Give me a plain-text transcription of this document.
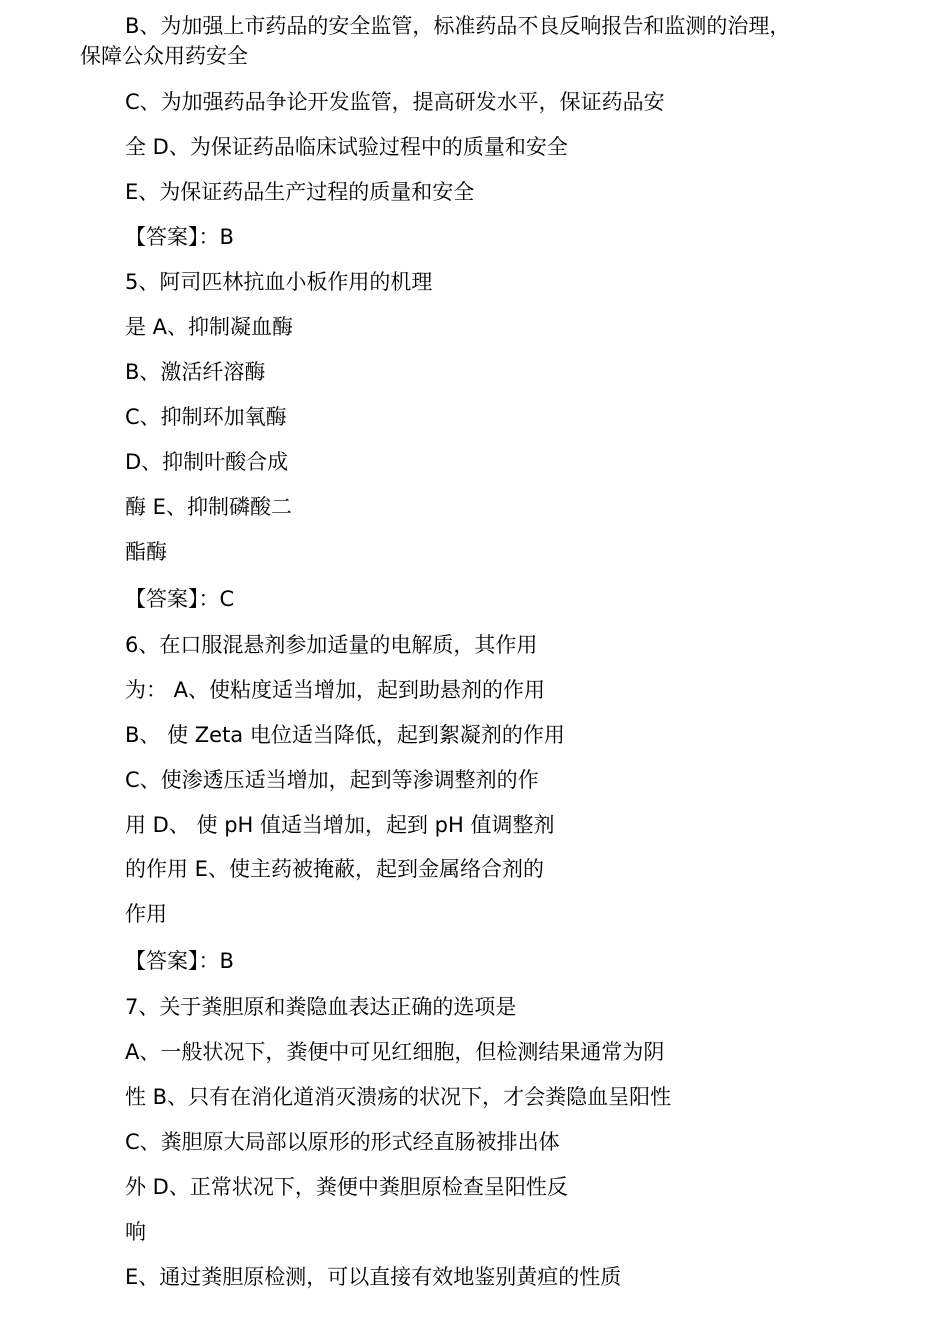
B、为加强上市药品的安全监管，标准药品不良反响报告和监测的治理，
保障公众用药安全
C、为加强药品争论开发监管，提高研发水平，保证药品安
全 D、为保证药品临床试验过程中的质量和安全
E、为保证药品生产过程的质量和安全
【答案】：B
5、阿司匹林抗血小板作用的机理
是 A、抑制凝血酶
B、激活纤溶酶
C、抑制环加氧酶
D、抑制叶酸合成
酶 E、抑制磷酸二
酯酶
【答案】：C
6、在口服混悬剂参加适量的电解质，其作用
为： A、使粘度适当增加，起到助悬剂的作用
B、 使 Zeta 电位适当降低，起到絮凝剂的作用
C、使渗透压适当增加，起到等渗调整剂的作
用 D、 使 pH 值适当增加，起到 pH 值调整剂
的作用 E、使主药被掩蔽，起到金属络合剂的
作用
【答案】：B
7、关于粪胆原和粪隐血表达正确的选项是
A、一般状况下，粪便中可见红细胞，但检测结果通常为阴
性 B、只有在消化道消灭溃疡的状况下，才会粪隐血呈阳性
C、粪胆原大局部以原形的形式经直肠被排出体
外 D、正常状况下，粪便中粪胆原检查呈阳性反
响
E、通过粪胆原检测，可以直接有效地鉴别黄疸的性质
